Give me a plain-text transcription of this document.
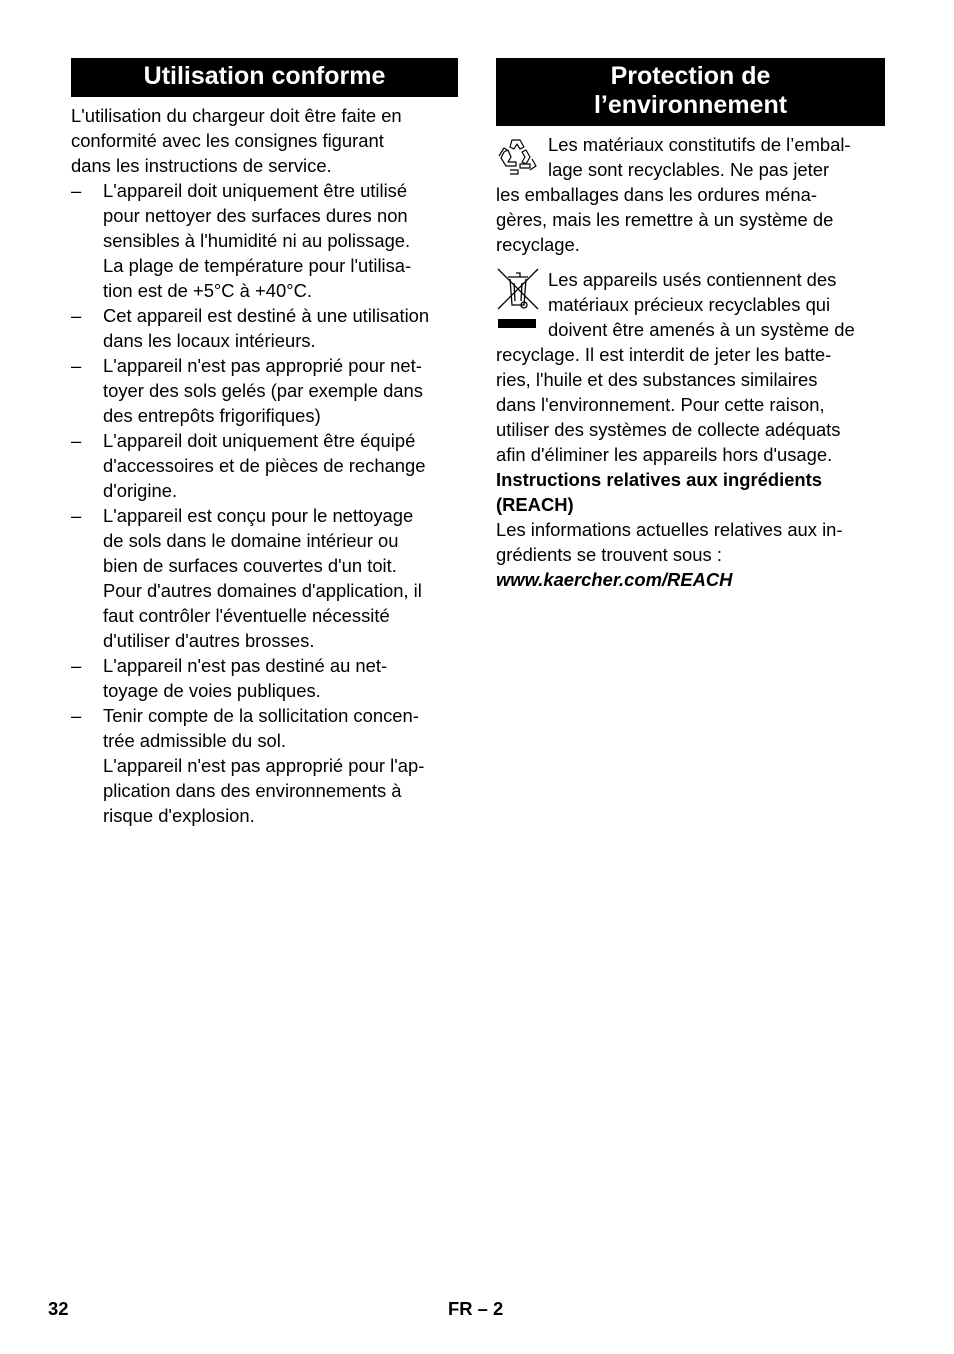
Utilisation conforme
L'utilisation du chargeur doit être faite en
conformité avec les consignes figurant
dans les instructions de service.
– L'appareil doit uniquement être utilisé
pour nettoyer des surfaces dures non
sensibles à l'humidité ni au polissage.
La plage de température pour l'utilisa-
tion est de +5°C à +40°C.
– Cet appareil est destiné à une utilisation
dans les locaux intérieurs.
– L'appareil n'est pas approprié pour net-
toyer des sols gelés (par exemple dans
des entrepôts frigorifiques)
– L'appareil doit uniquement être équipé
d'accessoires et de pièces de rechange
d'origine.
– L'appareil est conçu pour le nettoyage
de sols dans le domaine intérieur ou
bien de surfaces couvertes d'un toit.
Pour d'autres domaines d'application, il
faut contrôler l'éventuelle nécessité
d'utiliser d'autres brosses.
– L'appareil n'est pas destiné au net-
toyage de voies publiques.
– Tenir compte de la sollicitation concen-
trée admissible du sol.
L'appareil n'est pas approprié pour l'ap-
plication dans des environnements à
risque d'explosion.
Protection de
l’environnement
Les matériaux constitutifs de l’embal-
lage sont recyclables. Ne pas jeter
les emballages dans les ordures ména-
gères, mais les remettre à un système de
recyclage.
Les appareils usés contiennent des
matériaux précieux recyclables qui
doivent être amenés à un système de
recyclage. Il est interdit de jeter les batte-
ries, l'huile et des substances similaires
dans l'environnement. Pour cette raison,
utiliser des systèmes de collecte adéquats
afin d'éliminer les appareils hors d'usage.
Instructions relatives aux ingrédients
(REACH)
Les informations actuelles relatives aux in-
grédients se trouvent sous :
www.kaercher.com/REACH
32	FR – 2
